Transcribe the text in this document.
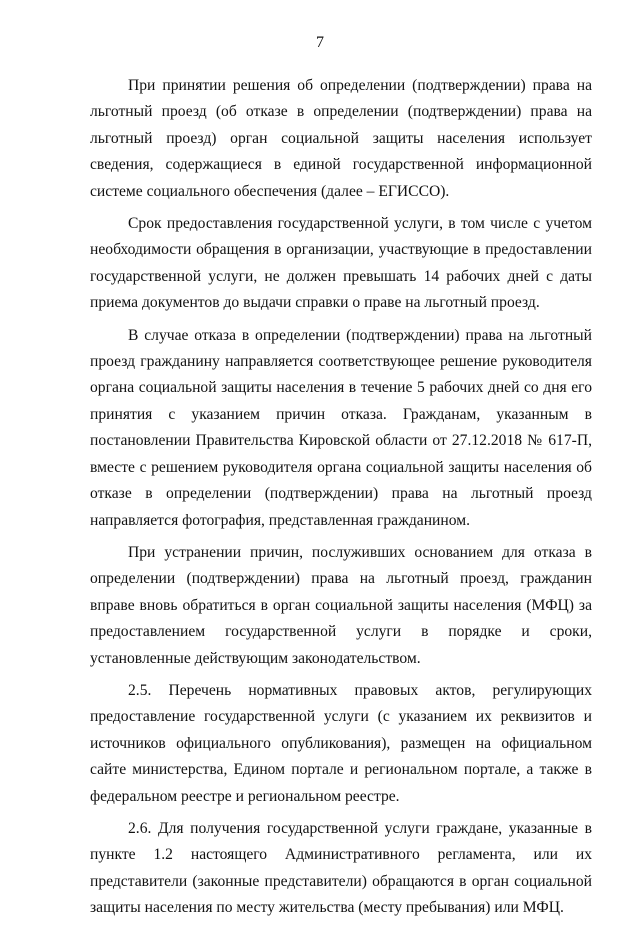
7

При принятии решения об определении (подтверждении) права на льготный проезд (об отказе в определении (подтверждении) права на льготный проезд) орган социальной защиты населения использует сведения, содержащиеся в единой государственной информационной системе социального обеспечения (далее – ЕГИССО).

Срок предоставления государственной услуги, в том числе с учетом необходимости обращения в организации, участвующие в предоставлении государственной услуги, не должен превышать 14 рабочих дней с даты приема документов до выдачи справки о праве на льготный проезд.

В случае отказа в определении (подтверждении) права на льготный проезд гражданину направляется соответствующее решение руководителя органа социальной защиты населения в течение 5 рабочих дней со дня его принятия с указанием причин отказа. Гражданам, указанным в постановлении Правительства Кировской области от 27.12.2018 № 617-П, вместе с решением руководителя органа социальной защиты населения об отказе в определении (подтверждении) права на льготный проезд направляется фотография, представленная гражданином.

При устранении причин, послуживших основанием для отказа в определении (подтверждении) права на льготный проезд, гражданин вправе вновь обратиться в орган социальной защиты населения (МФЦ) за предоставлением государственной услуги в порядке и сроки, установленные действующим законодательством.

2.5. Перечень нормативных правовых актов, регулирующих предоставление государственной услуги (с указанием их реквизитов и источников официального опубликования), размещен на официальном сайте министерства, Едином портале и региональном портале, а также в федеральном реестре и региональном реестре.

2.6. Для получения государственной услуги граждане, указанные в пункте 1.2 настоящего Административного регламента, или их представители (законные представители) обращаются в орган социальной защиты населения по месту жительства (месту пребывания) или МФЦ.
